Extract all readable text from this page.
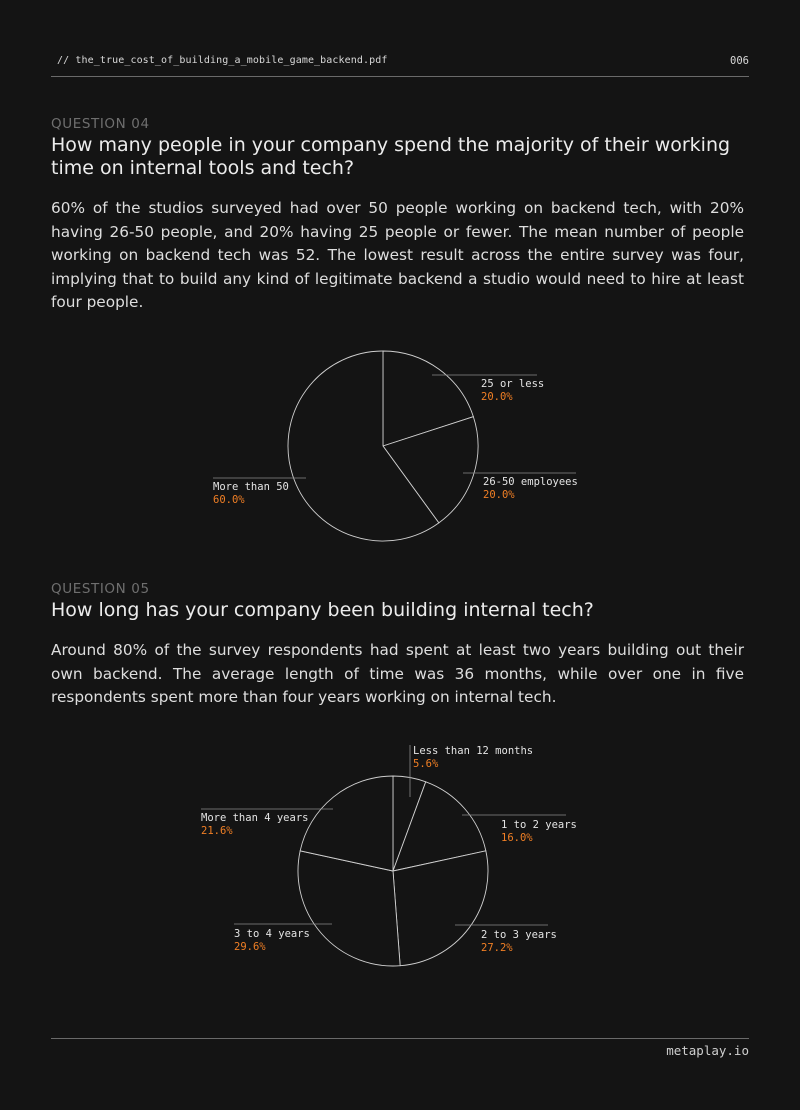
// the_true_cost_of_building_a_mobile_game_backend.pdf	006
QUESTION 04
How many people in your company spend the majority of their working time on internal tools and tech?

60% of the studios surveyed had over 50 people working on backend tech, with 20% having 26-50 people, and 20% having 25 people or fewer. The mean number of people working on backend tech was 52. The lowest result across the entire survey was four, implying that to build any kind of legitimate backend a studio would need to hire at least four people.

25 or less
20.0%
26-50 employees
20.0%
More than 50
60.0%
QUESTION 05
How long has your company been building internal tech?

Around 80% of the survey respondents had spent at least two years building out their own backend. The average length of time was 36 months, while over one in five respondents spent more than four years working on internal tech.

Less than 12 months
5.6%
1 to 2 years
16.0%
2 to 3 years
27.2%
3 to 4 years
29.6%
More than 4 years
21.6%
metaplay.io
